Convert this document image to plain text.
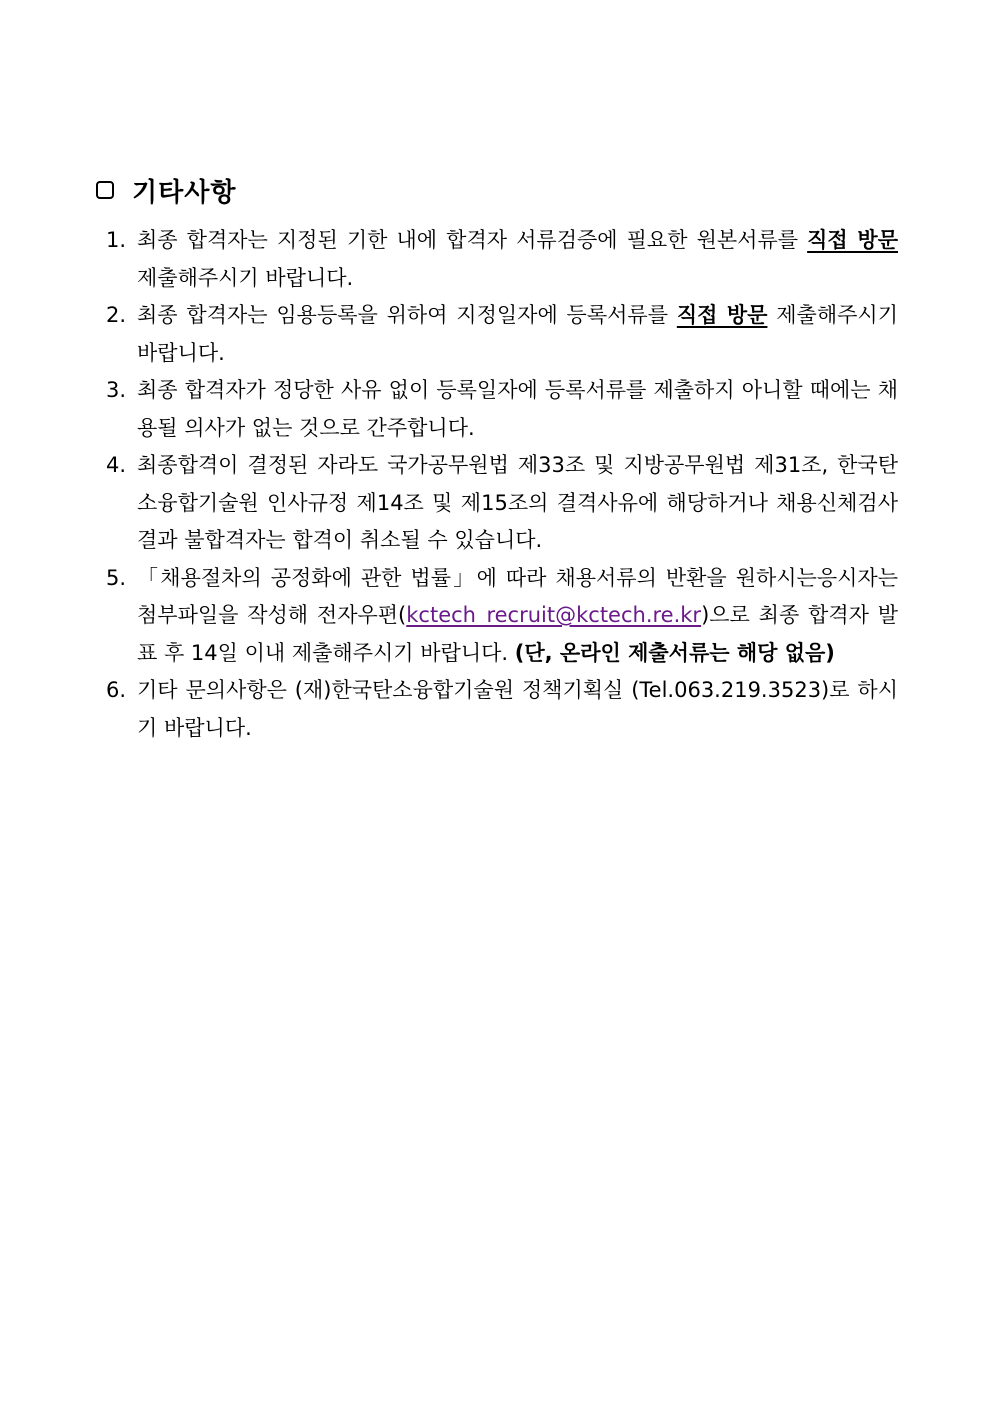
기타사항
1. 최종 합격자는 지정된 기한 내에 합격자 서류검증에 필요한 원본서류를 직접 방문 제출해주시기 바랍니다.
2. 최종 합격자는 임용등록을 위하여 지정일자에 등록서류를 직접 방문 제출해주시기 바랍니다.
3. 최종 합격자가 정당한 사유 없이 등록일자에 등록서류를 제출하지 아니할 때에는 채용될 의사가 없는 것으로 간주합니다.
4. 최종합격이 결정된 자라도 국가공무원법 제33조 및 지방공무원법 제31조, 한국탄소융합기술원 인사규정 제14조 및 제15조의 결격사유에 해당하거나 채용신체검사 결과 불합격자는 합격이 취소될 수 있습니다.
5. 「채용절차의 공정화에 관한 법률」에 따라 채용서류의 반환을 원하시는응시자는 첨부파일을 작성해 전자우편(kctech_recruit@kctech.re.kr)으로 최종 합격자 발표 후 14일 이내 제출해주시기 바랍니다. (단, 온라인 제출서류는 해당 없음)
6. 기타 문의사항은 (재)한국탄소융합기술원 정책기획실 (Tel.063.219.3523)로 하시기 바랍니다.
